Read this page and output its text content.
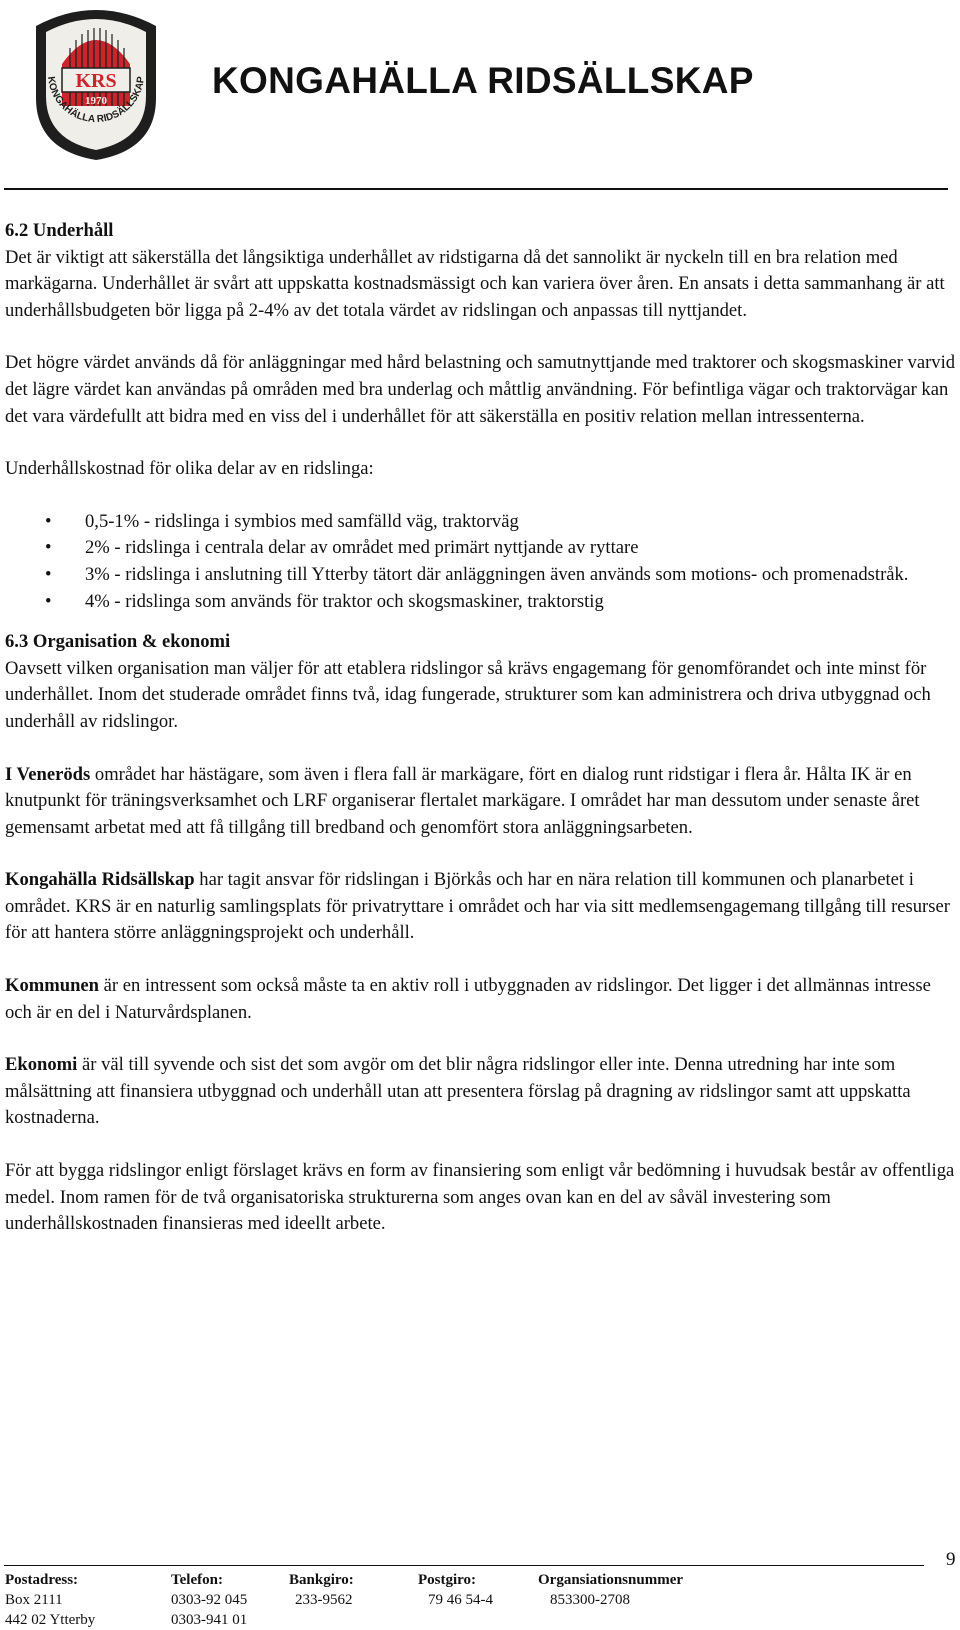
KRS
1970
KONGAHÄLLA RIDSÄLLSKAP KONGAHÄLLA RIDSÄLLSKAP
6.2 Underhåll

Det är viktigt att säkerställa det långsiktiga underhållet av ridstigarna då det sannolikt är nyckeln till en bra relation med markägarna. Underhållet är svårt att uppskatta kostnadsmässigt och kan variera över åren. En ansats i detta sammanhang är att underhållsbudgeten bör ligga på 2-4% av det totala värdet av ridslingan och anpassas till nyttjandet.

Det högre värdet används då för anläggningar med hård belastning och samutnyttjande med traktorer och skogsmaskiner varvid det lägre värdet kan användas på områden med bra underlag och måttlig användning. För befintliga vägar och traktorvägar kan det vara värdefullt att bidra med en viss del i underhållet för att säkerställa en positiv relation mellan intressenterna.

Underhållskostnad för olika delar av en ridslinga:

• 0,5-1% - ridslinga i symbios med samfälld väg, traktorväg
• 2% - ridslinga i centrala delar av området med primärt nyttjande av ryttare
• 3% - ridslinga i anslutning till Ytterby tätort där anläggningen även används som motions- och promenadstråk.
• 4% - ridslinga som används för traktor och skogsmaskiner, traktorstig
6.3 Organisation & ekonomi

Oavsett vilken organisation man väljer för att etablera ridslingor så krävs engagemang för genomförandet och inte minst för underhållet. Inom det studerade området finns två, idag fungerade, strukturer som kan administrera och driva utbyggnad och underhåll av ridslingor.

I Veneröds området har hästägare, som även i flera fall är markägare, fört en dialog runt ridstigar i flera år. Hålta IK är en knutpunkt för träningsverksamhet och LRF organiserar flertalet markägare. I området har man dessutom under senaste året gemensamt arbetat med att få tillgång till bredband och genomfört stora anläggningsarbeten.

Kongahälla Ridsällskap har tagit ansvar för ridslingan i Björkås och har en nära relation till kommunen och planarbetet i området. KRS är en naturlig samlingsplats för privatryttare i området och har via sitt medlemsengagemang tillgång till resurser för att hantera större anläggningsprojekt och underhåll.

Kommunen är en intressent som också måste ta en aktiv roll i utbyggnaden av ridslingor. Det ligger i det allmännas intresse och är en del i Naturvårdsplanen.

Ekonomi är väl till syvende och sist det som avgör om det blir några ridslingor eller inte. Denna utredning har inte som målsättning att finansiera utbyggnad och underhåll utan att presentera förslag på dragning av ridslingor samt att uppskatta kostnaderna.

För att bygga ridslingor enligt förslaget krävs en form av finansiering som enligt vår bedömning i huvudsak består av offentliga medel. Inom ramen för de två organisatoriska strukturerna som anges ovan kan en del av såväl investering som underhållskostnaden finansieras med ideellt arbete.

9
Postadress:
Box 2111
442 02 Ytterby
Telefon:
0303-92 045
0303-941 01
Bankgiro:
233-9562
Postgiro:
79 46 54-4
Organsiationsnummer
853300-2708
